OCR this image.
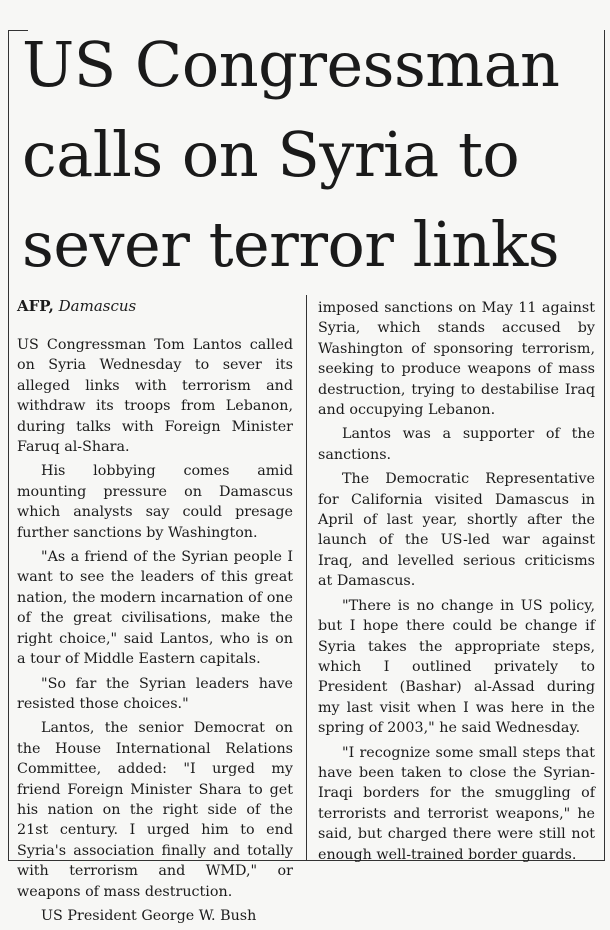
US Congressman calls on Syria to sever terror links
AFP, Damascus

US Congressman Tom Lantos called on Syria Wednesday to sever its alleged links with terrorism and withdraw its troops from Lebanon, during talks with Foreign Minister Faruq al-Shara.

His lobbying comes amid mounting pressure on Damascus which analysts say could presage further sanctions by Washington.

"As a friend of the Syrian people I want to see the leaders of this great nation, the modern incarnation of one of the great civilisations, make the right choice," said Lantos, who is on a tour of Middle Eastern capitals.

"So far the Syrian leaders have resisted those choices."

Lantos, the senior Democrat on the House International Relations Committee, added: "I urged my friend Foreign Minister Shara to get his nation on the right side of the 21st century. I urged him to end Syria's association finally and totally with terrorism and WMD," or weapons of mass destruction.

US President George W. Bush

imposed sanctions on May 11 against Syria, which stands accused by Washington of sponsoring terrorism, seeking to produce weapons of mass destruction, trying to destabilise Iraq and occupying Lebanon.

Lantos was a supporter of the sanctions.

The Democratic Representative for California visited Damascus in April of last year, shortly after the launch of the US-led war against Iraq, and levelled serious criticisms at Damascus.

"There is no change in US policy, but I hope there could be change if Syria takes the appropriate steps, which I outlined privately to President (Bashar) al-Assad during my last visit when I was here in the spring of 2003," he said Wednesday.

"I recognize some small steps that have been taken to close the Syrian-Iraqi borders for the smuggling of terrorists and terrorist weapons," he said, but charged there were still not enough well-trained border guards.
